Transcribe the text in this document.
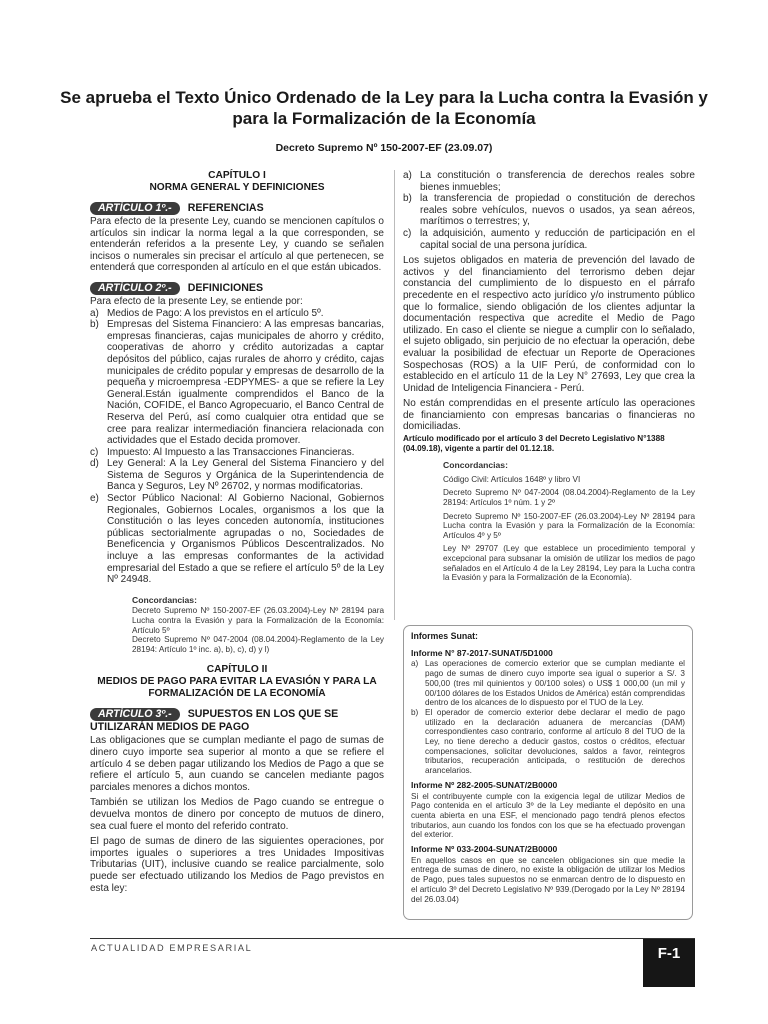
Se aprueba el Texto Único Ordenado de la Ley para la Lucha contra la Evasión y para la Formalización de la Economía
Decreto Supremo Nº 150-2007-EF (23.09.07)
CAPÍTULO I
NORMA GENERAL Y DEFINICIONES
ARTÍCULO 1º.- REFERENCIAS

Para efecto de la presente Ley, cuando se mencionen capítulos o artículos sin indicar la norma legal a la que corresponden, se entenderán referidos a la presente Ley, y cuando se señalen incisos o numerales sin precisar el artículo al que pertenecen, se entenderá que corresponden al artículo en el que están ubicados.

ARTÍCULO 2º.- DEFINICIONES

Para efecto de la presente Ley, se entiende por:

a) Medios de Pago: A los previstos en el artículo 5º.
b) Empresas del Sistema Financiero: A las empresas bancarias, empresas financieras, cajas municipales de ahorro y crédito, cooperativas de ahorro y crédito autorizadas a captar depósitos del público, cajas rurales de ahorro y crédito, cajas municipales de crédito popular y empresas de desarrollo de la pequeña y microempresa -EDPYMES- a que se refiere la Ley General.Están igualmente comprendidos el Banco de la Nación, COFIDE, el Banco Agropecuario, el Banco Central de Reserva del Perú, así como cualquier otra entidad que se cree para realizar intermediación financiera relacionada con actividades que el Estado decida promover.
c) Impuesto: Al Impuesto a las Transacciones Financieras.
d) Ley General: A la Ley General del Sistema Financiero y del Sistema de Seguros y Orgánica de la Superintendencia de Banca y Seguros, Ley Nº 26702, y normas modificatorias.
e) Sector Público Nacional: Al Gobierno Nacional, Gobiernos Regionales, Gobiernos Locales, organismos a los que la Constitución o las leyes conceden autonomía, instituciones públicas sectorialmente agrupadas o no, Sociedades de Beneficencia y Organismos Públicos Descentralizados. No incluye a las empresas conformantes de la actividad empresarial del Estado a que se refiere el artículo 5º de la Ley Nº 24948.
Concordancias:

Decreto Supremo Nº 150-2007-EF (26.03.2004)-Ley Nº 28194 para Lucha contra la Evasión y para la Formalización de la Economía: Artículo 5º

Decreto Supremo Nº 047-2004 (08.04.2004)-Reglamento de la Ley 28194: Artículo 1º inc. a), b), c), d) y l)

CAPÍTULO II
MEDIOS DE PAGO PARA EVITAR LA EVASIÓN Y PARA LA FORMALIZACIÓN DE LA ECONOMÍA
ARTÍCULO 3º.- SUPUESTOS EN LOS QUE SE UTILIZARÁN MEDIOS DE PAGO

Las obligaciones que se cumplan mediante el pago de sumas de dinero cuyo importe sea superior al monto a que se refiere el artículo 4 se deben pagar utilizando los Medios de Pago a que se refiere el artículo 5, aun cuando se cancelen mediante pagos parciales menores a dichos montos.

También se utilizan los Medios de Pago cuando se entregue o devuelva montos de dinero por concepto de mutuos de dinero, sea cual fuere el monto del referido contrato.

El pago de sumas de dinero de las siguientes operaciones, por importes iguales o superiores a tres Unidades Impositivas Tributarias (UIT), inclusive cuando se realice parcialmente, solo puede ser efectuado utilizando los Medios de Pago previstos en esta ley:

a) La constitución o transferencia de derechos reales sobre bienes inmuebles;
b) la transferencia de propiedad o constitución de derechos reales sobre vehículos, nuevos o usados, ya sean aéreos, marítimos o terrestres; y,
c) la adquisición, aumento y reducción de participación en el capital social de una persona jurídica.

Los sujetos obligados en materia de prevención del lavado de activos y del financiamiento del terrorismo deben dejar constancia del cumplimiento de lo dispuesto en el párrafo precedente en el respectivo acto jurídico y/o instrumento público que lo formalice, siendo obligación de los clientes adjuntar la documentación respectiva que acredite el Medio de Pago utilizado. En caso el cliente se niegue a cumplir con lo señalado, el sujeto obligado, sin perjuicio de no efectuar la operación, debe evaluar la posibilidad de efectuar un Reporte de Operaciones Sospechosas (ROS) a la UIF Perú, de conformidad con lo establecido en el artículo 11 de la Ley N° 27693, Ley que crea la Unidad de Inteligencia Financiera - Perú.

No están comprendidas en el presente artículo las operaciones de financiamiento con empresas bancarias o financieras no domiciliadas.

Artículo modificado por el artículo 3 del Decreto Legislativo N°1388 (04.09.18), vigente a partir del 01.12.18.
Concordancias:

Código Civil: Artículos 1648º y libro VI

Decreto Supremo Nº 047-2004 (08.04.2004)-Reglamento de la Ley 28194: Artículos 1º núm. 1 y 2º

Decreto Supremo Nº 150-2007-EF (26.03.2004)-Ley Nº 28194 para Lucha contra la Evasión y para la Formalización de la Economía: Artículos 4º y 5º

Ley Nº 29707 (Ley que establece un procedimiento temporal y excepcional para subsanar la omisión de utilizar los medios de pago señalados en el Artículo 4 de la Ley 28194, Ley para la Lucha contra la Evasión y para la Formalización de la Economía).

Informes Sunat:
Informe N° 87-2017-SUNAT/5D1000
a) Las operaciones de comercio exterior que se cumplan mediante el pago de sumas de dinero cuyo importe sea igual o superior a S/. 3 500,00 (tres mil quinientos y 00/100 soles) o US$ 1 000,00 (un mil y 00/100 dólares de los Estados Unidos de América) están comprendidas dentro de los alcances de lo dispuesto por el TUO de la Ley.
b) El operador de comercio exterior debe declarar el medio de pago utilizado en la declaración aduanera de mercancías (DAM) correspondientes caso contrario, conforme al artículo 8 del TUO de la Ley, no tiene derecho a deducir gastos, costos o créditos, efectuar compensaciones, solicitar devoluciones, saldos a favor, reintegros tributarios, recuperación anticipada, o restitución de derechos arancelarios.
Informe Nº 282-2005-SUNAT/2B0000

Si el contribuyente cumple con la exigencia legal de utilizar Medios de Pago contenida en el artículo 3º de la Ley mediante el depósito en una cuenta abierta en una ESF, el mencionado pago tendrá plenos efectos tributarios, aun cuando los fondos con los que se ha efectuado provengan del exterior.

Informe Nº 033-2004-SUNAT/2B0000

En aquellos casos en que se cancelen obligaciones sin que medie la entrega de sumas de dinero, no existe la obligación de utilizar los Medios de Pago, pues tales supuestos no se enmarcan dentro de lo dispuesto en el artículo 3º del Decreto Legislativo Nº 939.(Derogado por la Ley Nº 28194 del 26.03.04)

ACTUALIDAD EMPRESARIAL	F-1
